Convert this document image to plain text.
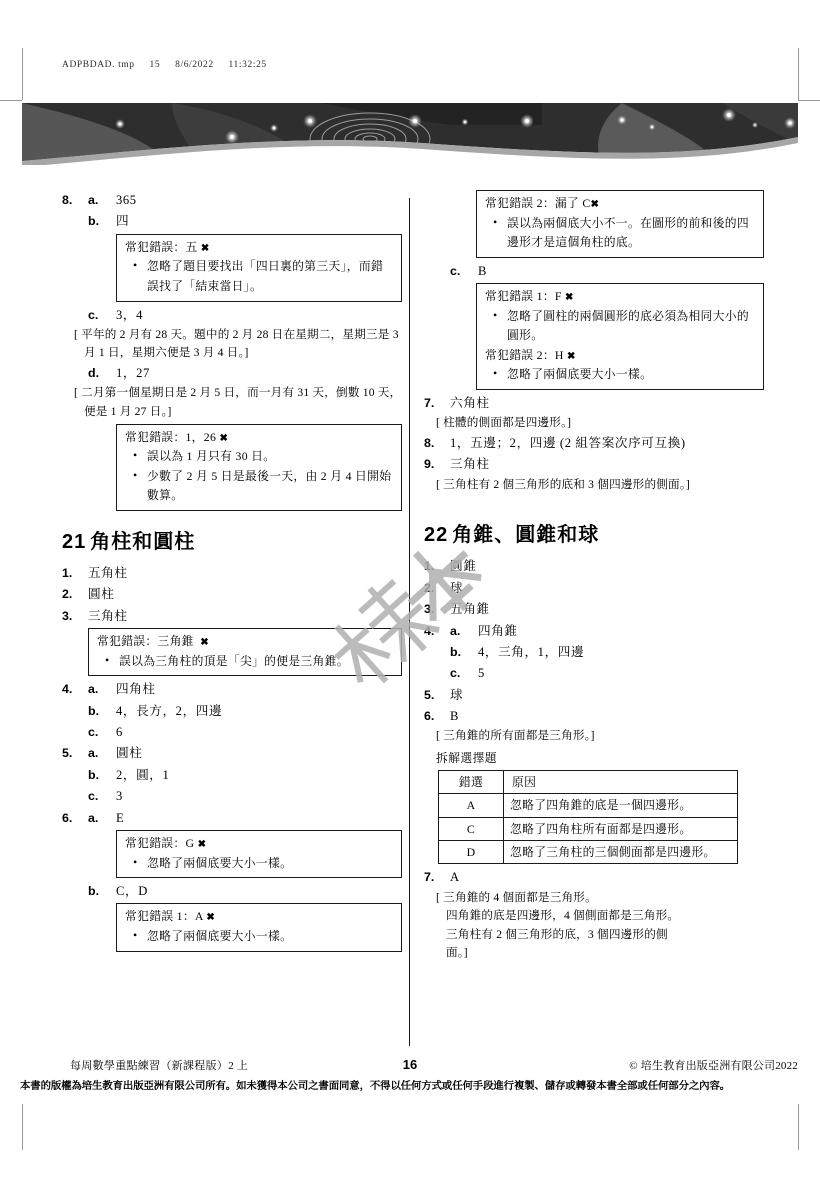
ADPBDAD. tmp     15     8/6/2022     11:32:25
8.	a.	365
b.	四
常犯錯誤：五 ✖
• 忽略了題目要找出「四日裏的第三天」，而錯誤找了「結束當日」。
c.	3，4
[ 平年的 2 月有 28 天。題中的 2 月 28 日在星期二，星期三是 3 月 1 日，星期六便是 3 月 4 日。]
d.	1，27
[ 二月第一個星期日是 2 月 5 日，而一月有 31 天，倒數 10 天，便是 1 月 27 日。]
常犯錯誤：1，26 ✖
• 誤以為 1 月只有 30 日。
• 少數了 2 月 5 日是最後一天，由 2 月 4 日開始數算。
21 角柱和圓柱
1.	五角柱
2.	圓柱
3.	三角柱
常犯錯誤：三角錐 ✖
• 誤以為三角柱的頂是「尖」的便是三角錐。
4.	a.	四角柱
b.	4，長方，2，四邊
c.	6
5.	a.	圓柱
b.	2，圓，1
c.	3
6.	a.	E
常犯錯誤：G ✖
• 忽略了兩個底要大小一樣。
b.	C，D
常犯錯誤 1：A ✖
• 忽略了兩個底要大小一樣。
常犯錯誤 2：漏了 C✖
• 誤以為兩個底大小不一。在圖形的前和後的四邊形才是這個角柱的底。
c.	B
常犯錯誤 1：F ✖
• 忽略了圓柱的兩個圓形的底必須為相同大小的圓形。
常犯錯誤 2：H ✖
• 忽略了兩個底要大小一樣。
7.	六角柱
[ 柱體的側面都是四邊形。]
8.	1，五邊；2，四邊 (2 組答案次序可互換)
9.	三角柱
[ 三角柱有 2 個三角形的底和 3 個四邊形的側面。]
22 角錐、圓錐和球
1.	圓錐
2.	球
3.	五角錐
4.	a.	四角錐
b.	4，三角，1，四邊
c.	5
5.	球
6.	B
[ 三角錐的所有面都是三角形。]
拆解選擇題
錯選	原因
A	忽略了四角錐的底是一個四邊形。
C	忽略了四角柱所有面都是四邊形。
D	忽略了三角柱的三個側面都是四邊形。
7.	A
[ 三角錐的 4 個面都是三角形。
四角錐的底是四邊形，4 個側面都是三角形。
三角柱有 2 個三角形的底，3 個四邊形的側
面。]
每周數學重點練習（新課程版）2 上	16	© 培生教育出版亞洲有限公司2022
本書的版權為培生教育出版亞洲有限公司所有。如未獲得本公司之書面同意，不得以任何方式或任何手段進行複製、儲存或轉發本書全部或任何部分之內容。
